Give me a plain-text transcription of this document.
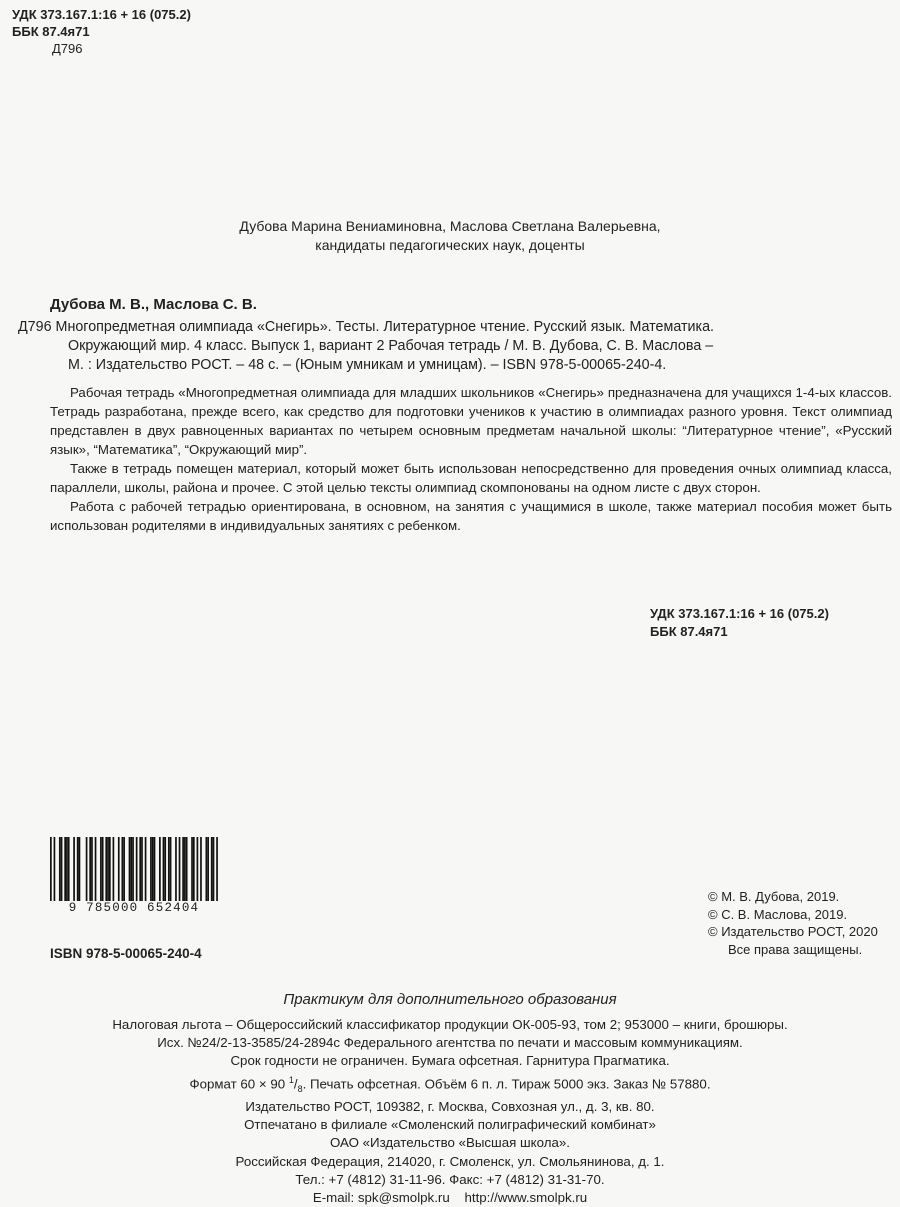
УДК 373.167.1:16 + 16 (075.2)
ББК 87.4я71
Д796
Дубова Марина Вениаминовна, Маслова Светлана Валерьевна,
кандидаты педагогических наук, доценты
Дубова М. В., Маслова С. В.
Д796 Многопредметная олимпиада «Снегирь». Тесты. Литературное чтение. Русский язык. Математика.
Окружающий мир. 4 класс. Выпуск 1, вариант 2 Рабочая тетрадь / М. В. Дубова, С. В. Маслова –
М. : Издательство РОСТ. – 48 с. – (Юным умникам и умницам). – ISBN 978-5-00065-240-4.

Рабочая тетрадь «Многопредметная олимпиада для младших школьников «Снегирь» предназначена для учащихся 1-4-ых классов. Тетрадь разработана, прежде всего, как средство для подготовки учеников к участию в олимпиадах разного уровня. Текст олимпиад представлен в двух равноценных вариантах по четырем основным предметам начальной школы: “Литературное чтение”, «Русский язык», “Математика”, “Окружающий мир”.

Также в тетрадь помещен материал, который может быть использован непосредственно для проведения очных олимпиад класса, параллели, школы, района и прочее. С этой целью тексты олимпиад скомпонованы на одном листе с двух сторон.

Работа с рабочей тетрадью ориентирована, в основном, на занятия с учащимися в школе, также материал пособия может быть использован родителями в индивидуальных занятиях с ребенком.

УДК 373.167.1:16 + 16 (075.2)
ББК 87.4я71
9 785000 652404
© М. В. Дубова, 2019.
© С. В. Маслова, 2019.
© Издательство РОСТ, 2020
Все права защищены.
ISBN 978-5-00065-240-4
Практикум для дополнительного образования
Налоговая льгота – Общероссийский классификатор продукции ОК-005-93, том 2; 953000 – книги, брошюры.
Исх. №24/2-13-3585/24-2894с Федерального агентства по печати и массовым коммуникациям.
Срок годности не ограничен. Бумага офсетная. Гарнитура Прагматика.
Формат 60 × 90 $^1/_8$. Печать офсетная. Объём 6 п. л. Тираж 5000 экз. Заказ № 57880.
Издательство РОСТ, 109382, г. Москва, Совхозная ул., д. 3, кв. 80.
Отпечатано в филиале «Смоленский полиграфический комбинат»
ОАО «Издательство «Высшая школа».
Российская Федерация, 214020, г. Смоленск, ул. Смольянинова, д. 1.
Тел.: +7 (4812) 31-11-96. Факс: +7 (4812) 31-31-70.
E-mail: spk@smolpk.ru    http://www.smolpk.ru
